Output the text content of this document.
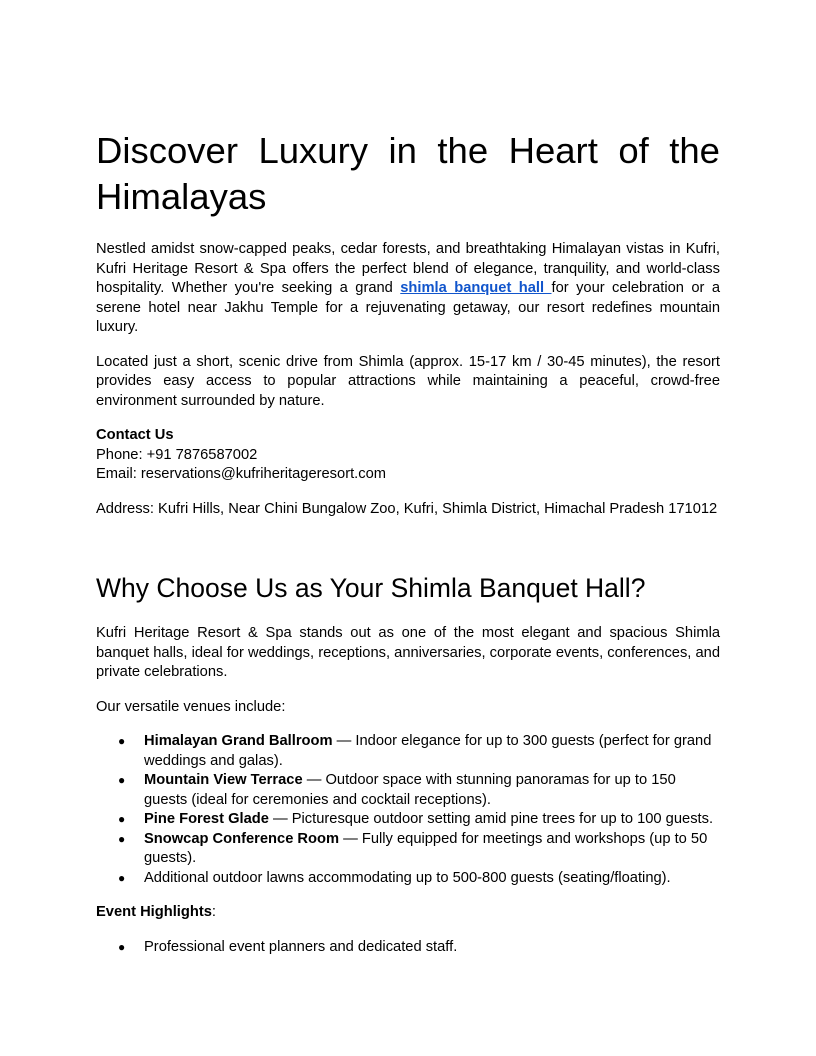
Discover Luxury in the Heart of the
Himalayas

Nestled amidst snow-capped peaks, cedar forests, and breathtaking Himalayan vistas in Kufri, Kufri Heritage Resort & Spa offers the perfect blend of elegance, tranquility, and world-class hospitality. Whether you're seeking a grand shimla banquet hall for your celebration or a serene hotel near Jakhu Temple for a rejuvenating getaway, our resort redefines mountain luxury.

Located just a short, scenic drive from Shimla (approx. 15-17 km / 30-45 minutes), the resort provides easy access to popular attractions while maintaining a peaceful, crowd-free environment surrounded by nature.

Contact Us
Phone: +91 7876587002
Email: reservations@kufriheritageresort.com

Address: Kufri Hills, Near Chini Bungalow Zoo, Kufri, Shimla District, Himachal Pradesh 171012

Why Choose Us as Your Shimla Banquet Hall?

Kufri Heritage Resort & Spa stands out as one of the most elegant and spacious Shimla banquet halls, ideal for weddings, receptions, anniversaries, corporate events, conferences, and private celebrations.

Our versatile venues include:

● Himalayan Grand Ballroom — Indoor elegance for up to 300 guests (perfect for grand weddings and galas).
● Mountain View Terrace — Outdoor space with stunning panoramas for up to 150 guests (ideal for ceremonies and cocktail receptions).
● Pine Forest Glade — Picturesque outdoor setting amid pine trees for up to 100 guests.
● Snowcap Conference Room — Fully equipped for meetings and workshops (up to 50 guests).
● Additional outdoor lawns accommodating up to 500-800 guests (seating/floating).
Event Highlights:
● Professional event planners and dedicated staff.
